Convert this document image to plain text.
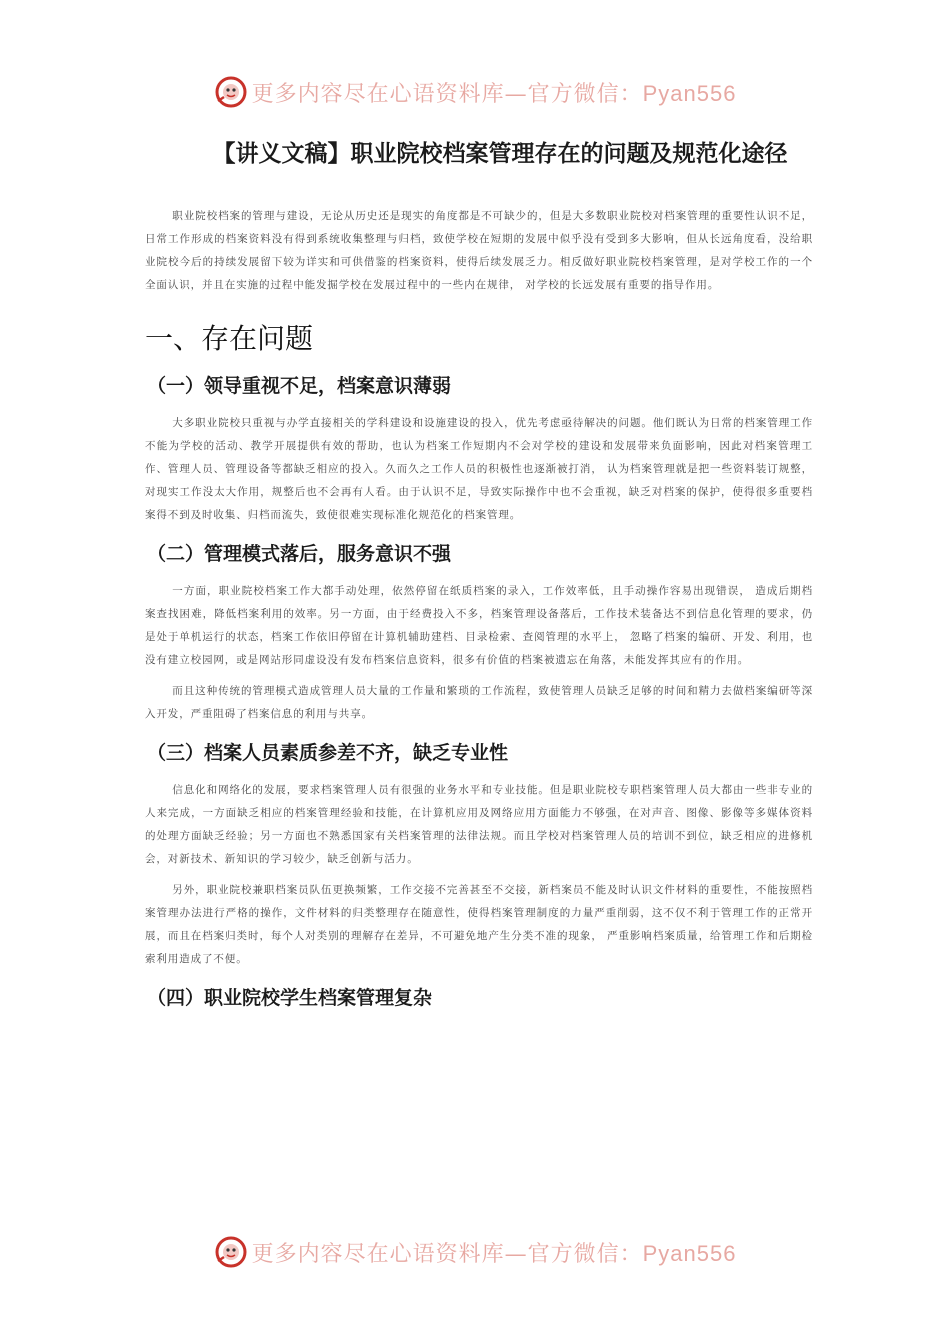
更多内容尽在心语资料库—官方微信：Pyan556
【讲义文稿】职业院校档案管理存在的问题及规范化途径

职业院校档案的管理与建设，无论从历史还是现实的角度都是不可缺少的，但是大多数职业院校对档案管理的重要性认识不足，日常工作形成的档案资料没有得到系统收集整理与归档，致使学校在短期的发展中似乎没有受到多大影响，但从长远角度看，没给职业院校今后的持续发展留下较为详实和可供借鉴的档案资料，使得后续发展乏力。相反做好职业院校档案管理，是对学校工作的一个全面认识，并且在实施的过程中能发掘学校在发展过程中的一些内在规律， 对学校的长远发展有重要的指导作用。

一、存在问题
（一）领导重视不足，档案意识薄弱

大多职业院校只重视与办学直接相关的学科建设和设施建设的投入，优先考虑亟待解决的问题。他们既认为日常的档案管理工作不能为学校的活动、教学开展提供有效的帮助，也认为档案工作短期内不会对学校的建设和发展带来负面影响，因此对档案管理工作、管理人员、管理设备等都缺乏相应的投入。久而久之工作人员的积极性也逐渐被打消， 认为档案管理就是把一些资料装订规整，对现实工作没太大作用，规整后也不会再有人看。由于认识不足，导致实际操作中也不会重视，缺乏对档案的保护，使得很多重要档案得不到及时收集、归档而流失，致使很难实现标准化规范化的档案管理。

（二）管理模式落后，服务意识不强

一方面，职业院校档案工作大都手动处理，依然停留在纸质档案的录入，工作效率低，且手动操作容易出现错误， 造成后期档案查找困难，降低档案利用的效率。另一方面，由于经费投入不多，档案管理设备落后，工作技术装备达不到信息化管理的要求，仍是处于单机运行的状态，档案工作依旧停留在计算机辅助建档、目录检索、查阅管理的水平上， 忽略了档案的编研、开发、利用，也没有建立校园网，或是网站形同虚设没有发布档案信息资料，很多有价值的档案被遗忘在角落，未能发挥其应有的作用。

而且这种传统的管理模式造成管理人员大量的工作量和繁琐的工作流程，致使管理人员缺乏足够的时间和精力去做档案编研等深入开发，严重阻碍了档案信息的利用与共享。

（三）档案人员素质参差不齐，缺乏专业性

信息化和网络化的发展，要求档案管理人员有很强的业务水平和专业技能。但是职业院校专职档案管理人员大都由一些非专业的人来完成，一方面缺乏相应的档案管理经验和技能，在计算机应用及网络应用方面能力不够强，在对声音、图像、影像等多媒体资料的处理方面缺乏经验；另一方面也不熟悉国家有关档案管理的法律法规。而且学校对档案管理人员的培训不到位，缺乏相应的进修机会，对新技术、新知识的学习较少，缺乏创新与活力。

另外，职业院校兼职档案员队伍更换频繁，工作交接不完善甚至不交接，新档案员不能及时认识文件材料的重要性，不能按照档案管理办法进行严格的操作，文件材料的归类整理存在随意性，使得档案管理制度的力量严重削弱，这不仅不利于管理工作的正常开展，而且在档案归类时，每个人对类别的理解存在差异，不可避免地产生分类不准的现象， 严重影响档案质量，给管理工作和后期检索利用造成了不便。

（四）职业院校学生档案管理复杂
更多内容尽在心语资料库—官方微信：Pyan556
